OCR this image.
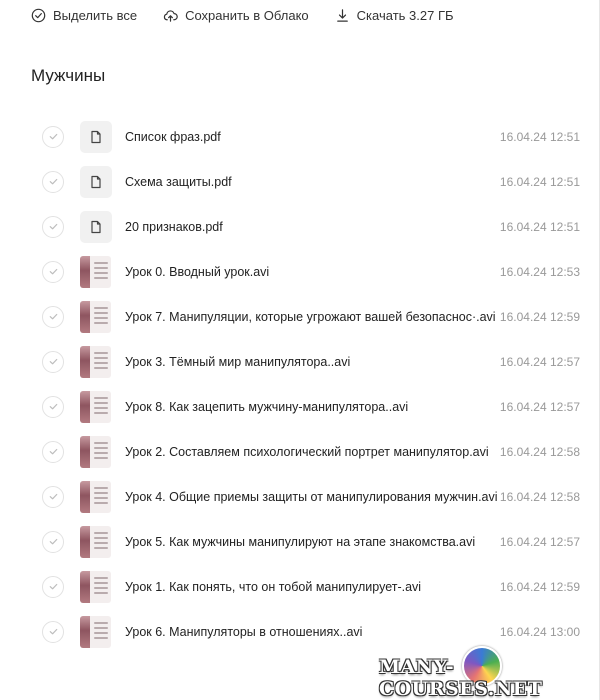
Выделить все	Сохранить в Облако	Скачать 3.27 ГБ
Мужчины
Список фраз.pdf	16.04.24 12:51
Схема защиты.pdf	16.04.24 12:51
20 признаков.pdf	16.04.24 12:51
Урок 0. Вводный урок.avi	16.04.24 12:53
Урок 7. Манипуляции, которые угрожают вашей безопаснос·.avi 16.04.24 12:59
Урок 3. Тёмный мир манипулятора..avi	16.04.24 12:57
Урок 8. Как зацепить мужчину-манипулятора..avi	16.04.24 12:57
Урок 2. Составляем психологический портрет манипулятор.avi 16.04.24 12:58
Урок 4. Общие приемы защиты от манипулирования мужчин.avi 16.04.24 12:58
Урок 5. Как мужчины манипулируют на этапе знакомства.avi 16.04.24 12:57
Урок 1. Как понять, что он тобой манипулирует-.avi	16.04.24 12:59
Урок 6. Манипуляторы в отношениях..avi	16.04.24 13:00
MANY-COURSES.NET
